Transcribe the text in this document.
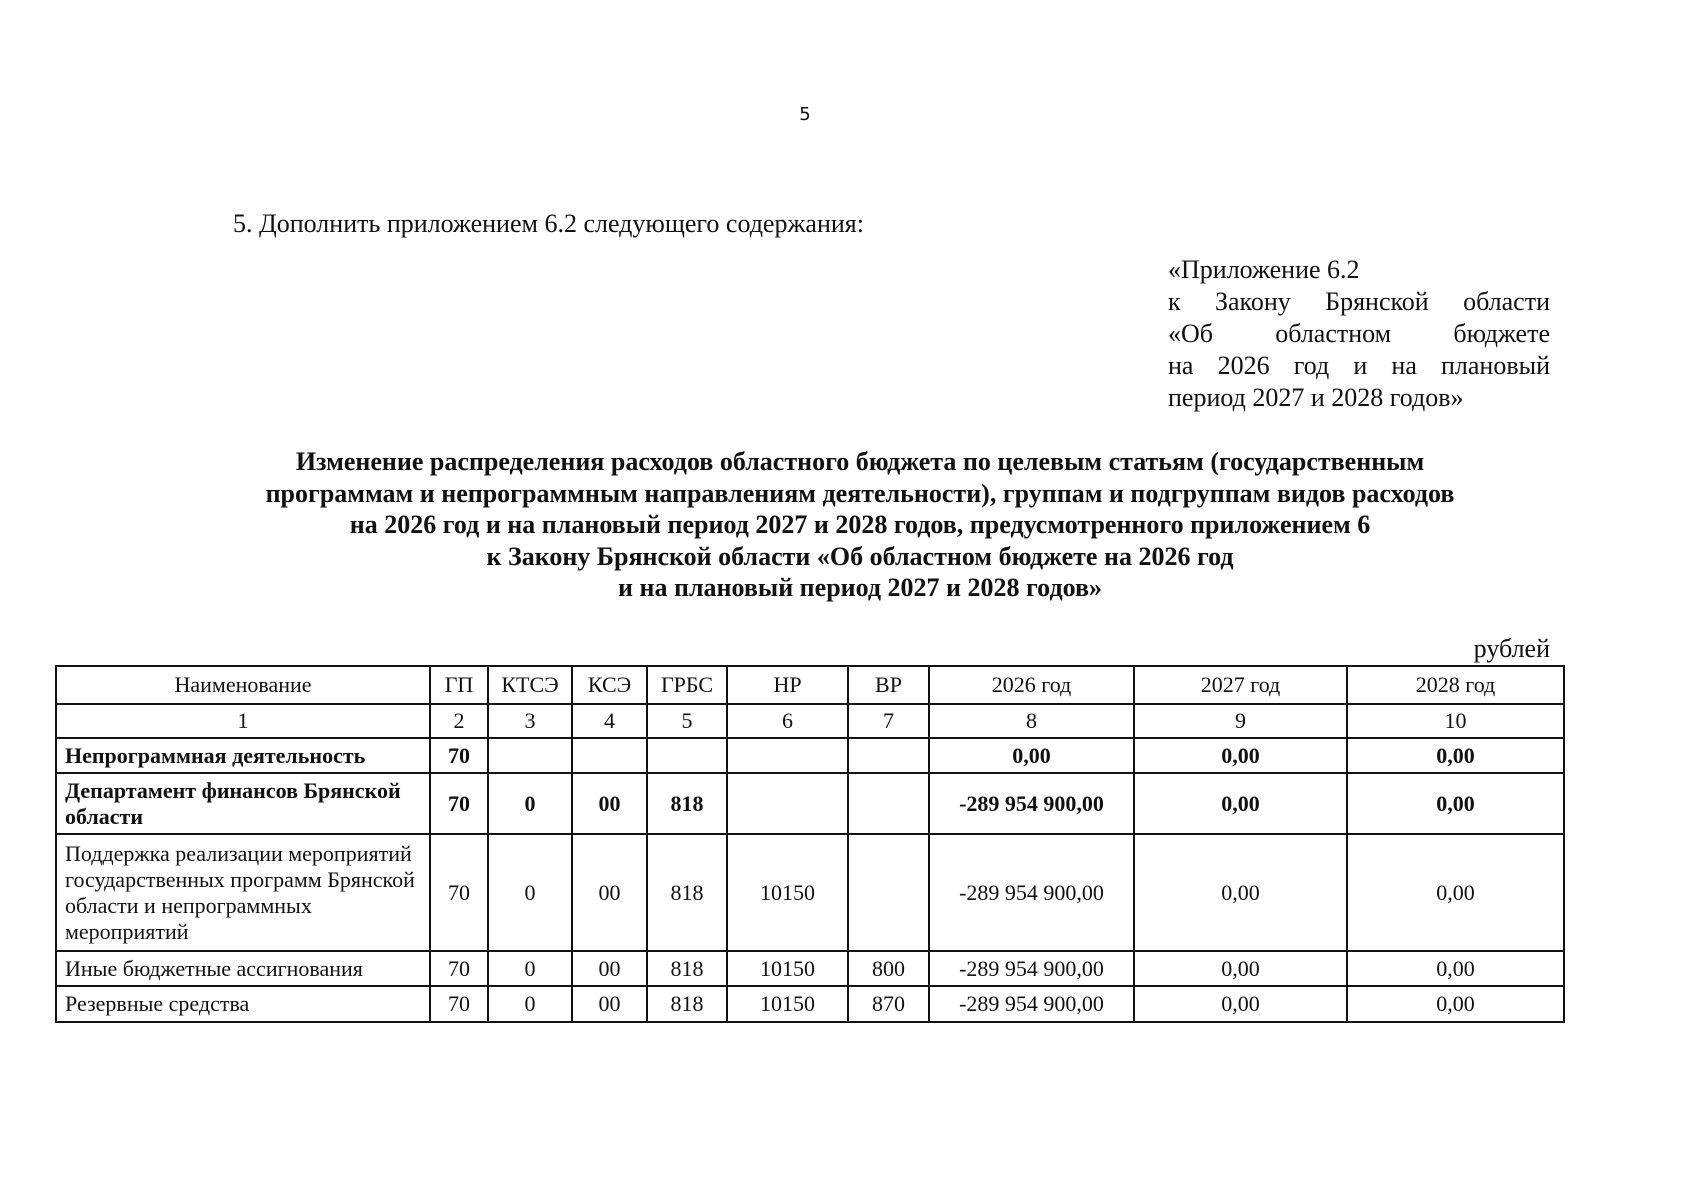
5
5. Дополнить приложением 6.2 следующего содержания:
«Приложение 6.2
к Закону Брянской области
«Об областном бюджете
на 2026 год и на плановый
период 2027 и 2028 годов»
Изменение распределения расходов областного бюджета по целевым статьям (государственным
программам и непрограммным направлениям деятельности), группам и подгруппам видов расходов
на 2026 год и на плановый период 2027 и 2028 годов, предусмотренного приложением 6
к Закону Брянской области «Об областном бюджете на 2026 год
и на плановый период 2027 и 2028 годов»
рублей
Наименование	ГП	КТСЭ	КСЭ	ГРБС	НР	ВР	2026 год	2027 год	2028 год
1	2	3	4	5	6	7	8	9	10
Непрограммная деятельность	70						0,00	0,00	0,00
Департамент финансов Брянской области	70	0	00	818			-289 954 900,00	0,00	0,00
Поддержка реализации мероприятий государственных программ Брянской области и непрограммных мероприятий	70	0	00	818	10150		-289 954 900,00	0,00	0,00
Иные бюджетные ассигнования	70	0	00	818	10150	800	-289 954 900,00	0,00	0,00
Резервные средства	70	0	00	818	10150	870	-289 954 900,00	0,00	0,00
